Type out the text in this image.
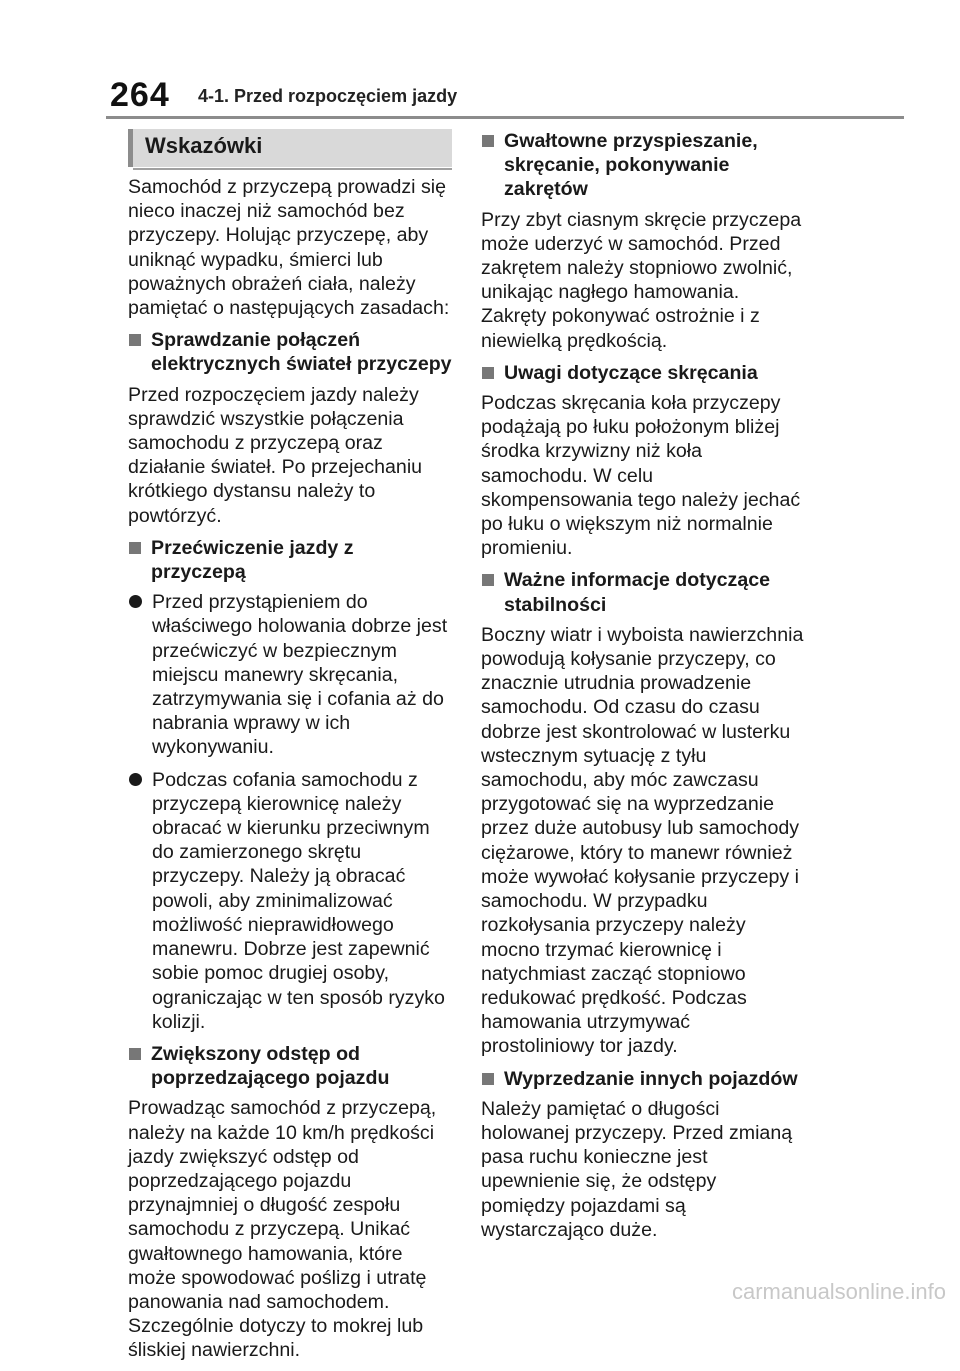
264 4-1. Przed rozpoczęciem jazdy
Wskazówki

Samochód z przyczepą prowadzi się nieco inaczej niż samochód bez przyczepy. Holując przyczepę, aby uniknąć wypadku, śmierci lub poważnych obrażeń ciała, należy pamiętać o następujących zasadach:

Sprawdzanie połączeń elektrycznych świateł przyczepy

Przed rozpoczęciem jazdy należy sprawdzić wszystkie połączenia samochodu z przyczepą oraz działanie świateł. Po przejechaniu krótkiego dystansu należy to powtórzyć.

Przećwiczenie jazdy z przyczepą
Przed przystąpieniem do właściwego holowania dobrze jest przećwiczyć w bezpiecznym miejscu manewry skręcania, zatrzymywania się i cofania aż do nabrania wprawy w ich wykonywaniu.
Podczas cofania samochodu z przyczepą kierownicę należy obracać w kierunku przeciwnym do zamierzonego skrętu przyczepy. Należy ją obracać powoli, aby zminimalizować możliwość nieprawidłowego manewru. Dobrze jest zapewnić sobie pomoc drugiej osoby, ograniczając w ten sposób ryzyko kolizji.
Zwiększony odstęp od poprzedzającego pojazdu

Prowadząc samochód z przyczepą, należy na każde 10 km/h prędkości jazdy zwiększyć odstęp od poprzedzającego pojazdu przynajmniej o długość zespołu samochodu z przyczepą. Unikać gwałtownego hamowania, które może spowodować poślizg i utratę panowania nad samochodem. Szczególnie dotyczy to mokrej lub śliskiej nawierzchni.

Gwałtowne przyspieszanie, skręcanie, pokonywanie zakrętów

Przy zbyt ciasnym skręcie przyczepa może uderzyć w samochód. Przed zakrętem należy stopniowo zwolnić, unikając nagłego hamowania. Zakręty pokonywać ostrożnie i z niewielką prędkością.

Uwagi dotyczące skręcania

Podczas skręcania koła przyczepy podążają po łuku położonym bliżej środka krzywizny niż koła samochodu. W celu skompensowania tego należy jechać po łuku o większym niż normalnie promieniu.

Ważne informacje dotyczące stabilności

Boczny wiatr i wyboista nawierzchnia powodują kołysanie przyczepy, co znacznie utrudnia prowadzenie samochodu. Od czasu do czasu dobrze jest skontrolować w lusterku wstecznym sytuację z tyłu samochodu, aby móc zawczasu przygotować się na wyprzedzanie przez duże autobusy lub samochody ciężarowe, który to manewr również może wywołać kołysanie przyczepy i samochodu. W przypadku rozkołysania przyczepy należy mocno trzymać kierownicę i natychmiast zacząć stopniowo redukować prędkość. Podczas hamowania utrzymywać prostoliniowy tor jazdy.

Wyprzedzanie innych pojazdów

Należy pamiętać o długości holowanej przyczepy. Przed zmianą pasa ruchu konieczne jest upewnienie się, że odstępy pomiędzy pojazdami są wystarczająco duże.

carmanualsonline.info
